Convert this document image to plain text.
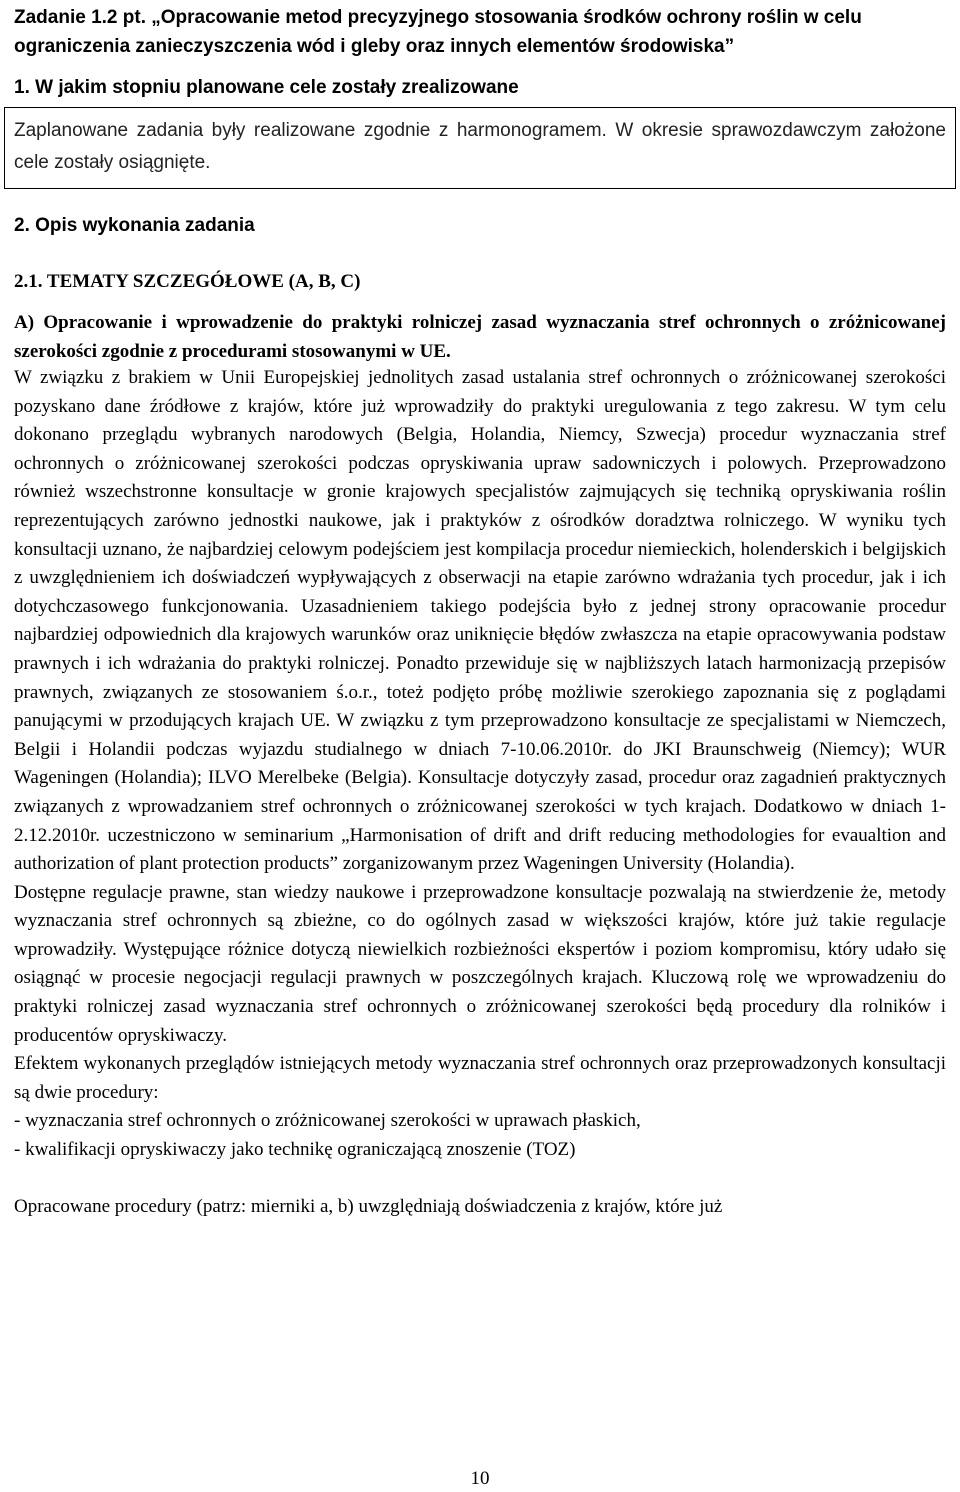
Zadanie 1.2 pt. „Opracowanie metod precyzyjnego stosowania środków ochrony roślin w celu ograniczenia zanieczyszczenia wód i gleby oraz innych elementów środowiska”

1. W jakim stopniu planowane cele zostały zrealizowane

Zaplanowane zadania były realizowane zgodnie z harmonogramem. W okresie sprawozdawczym założone cele zostały osiągnięte.

2. Opis wykonania zadania
2.1. TEMATY SZCZEGÓŁOWE (A, B, C)

A) Opracowanie i wprowadzenie do praktyki rolniczej zasad wyznaczania stref ochronnych o zróżnicowanej szerokości zgodnie z procedurami stosowanymi w UE.

W związku z brakiem w Unii Europejskiej jednolitych zasad ustalania stref ochronnych o zróżnicowanej szerokości pozyskano dane źródłowe z krajów, które już wprowadziły do praktyki uregulowania z tego zakresu. W tym celu dokonano przeglądu wybranych narodowych (Belgia, Holandia, Niemcy, Szwecja) procedur wyznaczania stref ochronnych o zróżnicowanej szerokości podczas opryskiwania upraw sadowniczych i polowych. Przeprowadzono również wszechstronne konsultacje w gronie krajowych specjalistów zajmujących się techniką opryskiwania roślin reprezentujących zarówno jednostki naukowe, jak i praktyków z ośrodków doradztwa rolniczego. W wyniku tych konsultacji uznano, że najbardziej celowym podejściem jest kompilacja procedur niemieckich, holenderskich i belgijskich z uwzględnieniem ich doświadczeń wypływających z obserwacji na etapie zarówno wdrażania tych procedur, jak i ich dotychczasowego funkcjonowania. Uzasadnieniem takiego podejścia było z jednej strony opracowanie procedur najbardziej odpowiednich dla krajowych warunków oraz uniknięcie błędów zwłaszcza na etapie opracowywania podstaw prawnych i ich wdrażania do praktyki rolniczej. Ponadto przewiduje się w najbliższych latach harmonizacją przepisów prawnych, związanych ze stosowaniem ś.o.r., toteż podjęto próbę możliwie szerokiego zapoznania się z poglądami panującymi w przodujących krajach UE. W związku z tym przeprowadzono konsultacje ze specjalistami w Niemczech, Belgii i Holandii podczas wyjazdu studialnego w dniach 7-10.06.2010r. do JKI Braunschweig (Niemcy); WUR Wageningen (Holandia); ILVO Merelbeke (Belgia). Konsultacje dotyczyły zasad, procedur oraz zagadnień praktycznych związanych z wprowadzaniem stref ochronnych o zróżnicowanej szerokości w tych krajach. Dodatkowo w dniach 1-2.12.2010r. uczestniczono w seminarium „Harmonisation of drift and drift reducing methodologies for evaualtion and authorization of plant protection products” zorganizowanym przez Wageningen University (Holandia).

Dostępne regulacje prawne, stan wiedzy naukowe i przeprowadzone konsultacje pozwalają na stwierdzenie że, metody wyznaczania stref ochronnych są zbieżne, co do ogólnych zasad w większości krajów, które już takie regulacje wprowadziły. Występujące różnice dotyczą niewielkich rozbieżności ekspertów i poziom kompromisu, który udało się osiągnąć w procesie negocjacji regulacji prawnych w poszczególnych krajach. Kluczową rolę we wprowadzeniu do praktyki rolniczej zasad wyznaczania stref ochronnych o zróżnicowanej szerokości będą procedury dla rolników i producentów opryskiwaczy.

Efektem wykonanych przeglądów istniejących metody wyznaczania stref ochronnych oraz przeprowadzonych konsultacji są dwie procedury:

- wyznaczania stref ochronnych o zróżnicowanej szerokości w uprawach płaskich,

- kwalifikacji opryskiwaczy jako technikę ograniczającą znoszenie (TOZ)

Opracowane procedury (patrz: mierniki a, b) uwzględniają doświadczenia z krajów, które już

10
